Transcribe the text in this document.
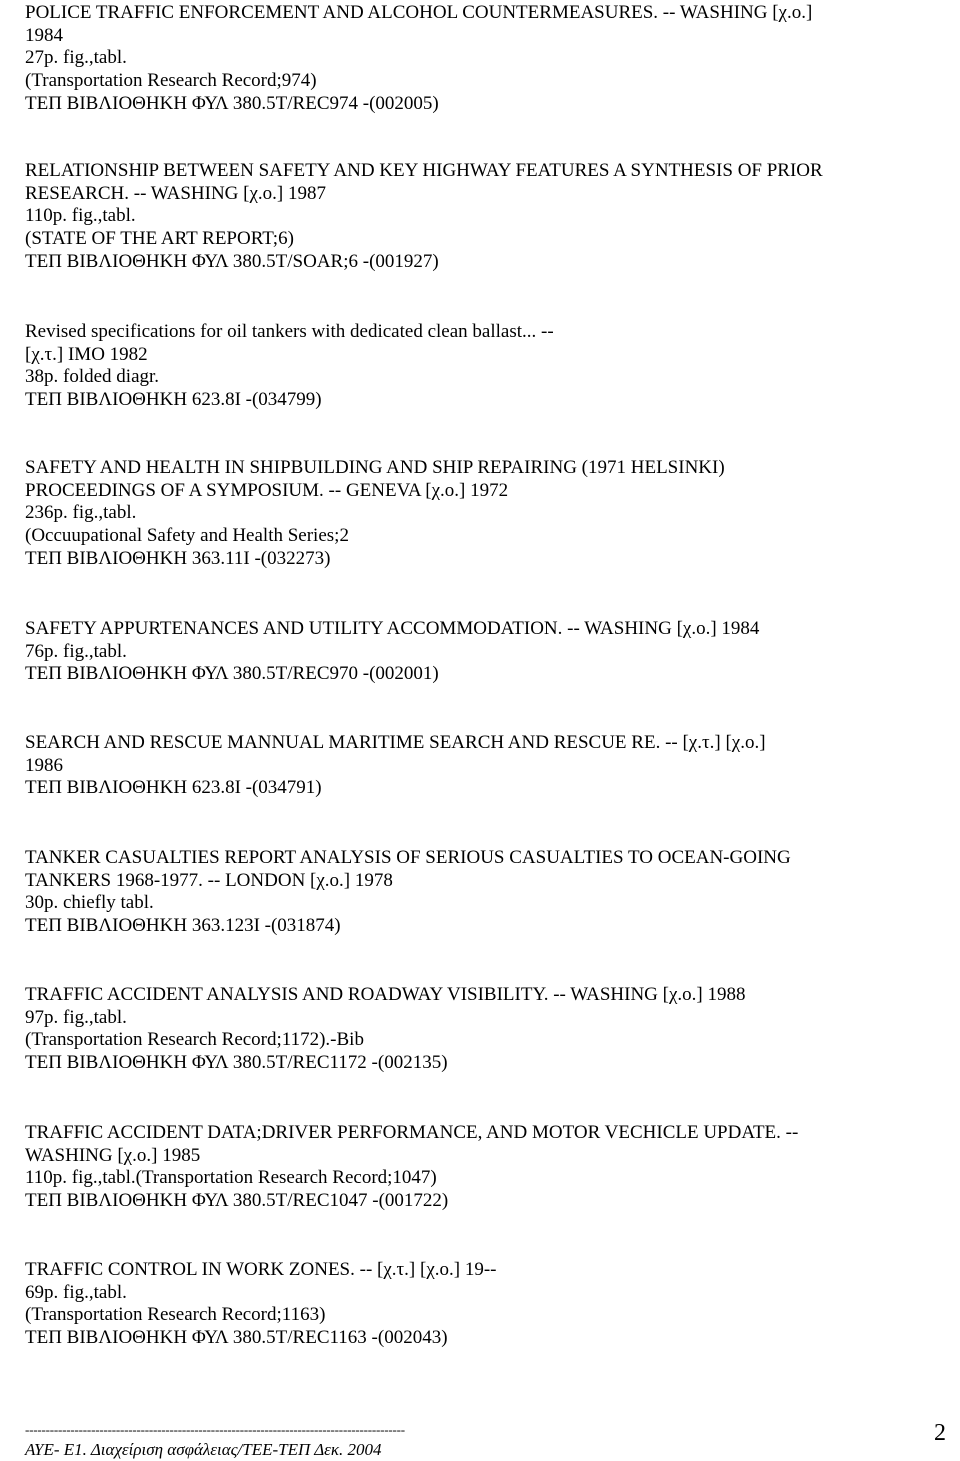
POLICE TRAFFIC ENFORCEMENT AND ALCOHOL COUNTERMEASURES. -- WASHING [χ.ο.]
1984
27p. fig.,tabl.
(Transportation Research Record;974)
ΤΕΠ ΒΙΒΛΙΟΘΗΚΗ ΦΥΛ 380.5T/REC974 -(002005)
RELATIONSHIP BETWEEN SAFETY AND KEY HIGHWAY FEATURES A SYNTHESIS OF PRIOR
RESEARCH. -- WASHING [χ.ο.] 1987
110p. fig.,tabl.
(STATE OF THE ART REPORT;6)
ΤΕΠ ΒΙΒΛΙΟΘΗΚΗ ΦΥΛ 380.5T/SOAR;6 -(001927)
Revised specifications for oil tankers with dedicated clean ballast... --
[χ.τ.] IMO 1982
38p. folded diagr.
ΤΕΠ ΒΙΒΛΙΟΘΗΚΗ 623.8I -(034799)
SAFETY AND HEALTH IN SHIPBUILDING AND SHIP REPAIRING (1971 HELSINKI)
PROCEEDINGS OF A SYMPOSIUM. -- GENEVA [χ.ο.] 1972
236p. fig.,tabl.
(Occuupational Safety and Health Series;2
ΤΕΠ ΒΙΒΛΙΟΘΗΚΗ 363.11I -(032273)
SAFETY APPURTENANCES AND UTILITY ACCOMMODATION. -- WASHING [χ.ο.] 1984
76p. fig.,tabl.
ΤΕΠ ΒΙΒΛΙΟΘΗΚΗ ΦΥΛ 380.5T/REC970 -(002001)
SEARCH AND RESCUE MANNUAL MARITIME SEARCH AND RESCUE RE. -- [χ.τ.] [χ.ο.]
1986
ΤΕΠ ΒΙΒΛΙΟΘΗΚΗ 623.8I -(034791)
TANKER CASUALTIES REPORT ANALYSIS OF SERIOUS CASUALTIES TO OCEAN-GOING
TANKERS 1968-1977. -- LONDON [χ.ο.] 1978
30p. chiefly tabl.
ΤΕΠ ΒΙΒΛΙΟΘΗΚΗ 363.123I -(031874)
TRAFFIC ACCIDENT ANALYSIS AND ROADWAY VISIBILITY. -- WASHING [χ.ο.] 1988
97p. fig.,tabl.
(Transportation Research Record;1172).-Bib
ΤΕΠ ΒΙΒΛΙΟΘΗΚΗ ΦΥΛ 380.5T/REC1172 -(002135)
TRAFFIC ACCIDENT DATA;DRIVER PERFORMANCE, AND MOTOR VECHICLE UPDATE. --
WASHING [χ.ο.] 1985
110p. fig.,tabl.(Transportation Research Record;1047)
ΤΕΠ ΒΙΒΛΙΟΘΗΚΗ ΦΥΛ 380.5T/REC1047 -(001722)
TRAFFIC CONTROL IN WORK ZONES. -- [χ.τ.] [χ.ο.] 19--
69p. fig.,tabl.
(Transportation Research Record;1163)
ΤΕΠ ΒΙΒΛΙΟΘΗΚΗ ΦΥΛ 380.5T/REC1163 -(002043)
--------------------------------------------------------------------------------------------
ΑΥΕ- Ε1. Διαχείριση ασφάλειας/ΤΕΕ-ΤΕΠ Δεκ. 2004
2
